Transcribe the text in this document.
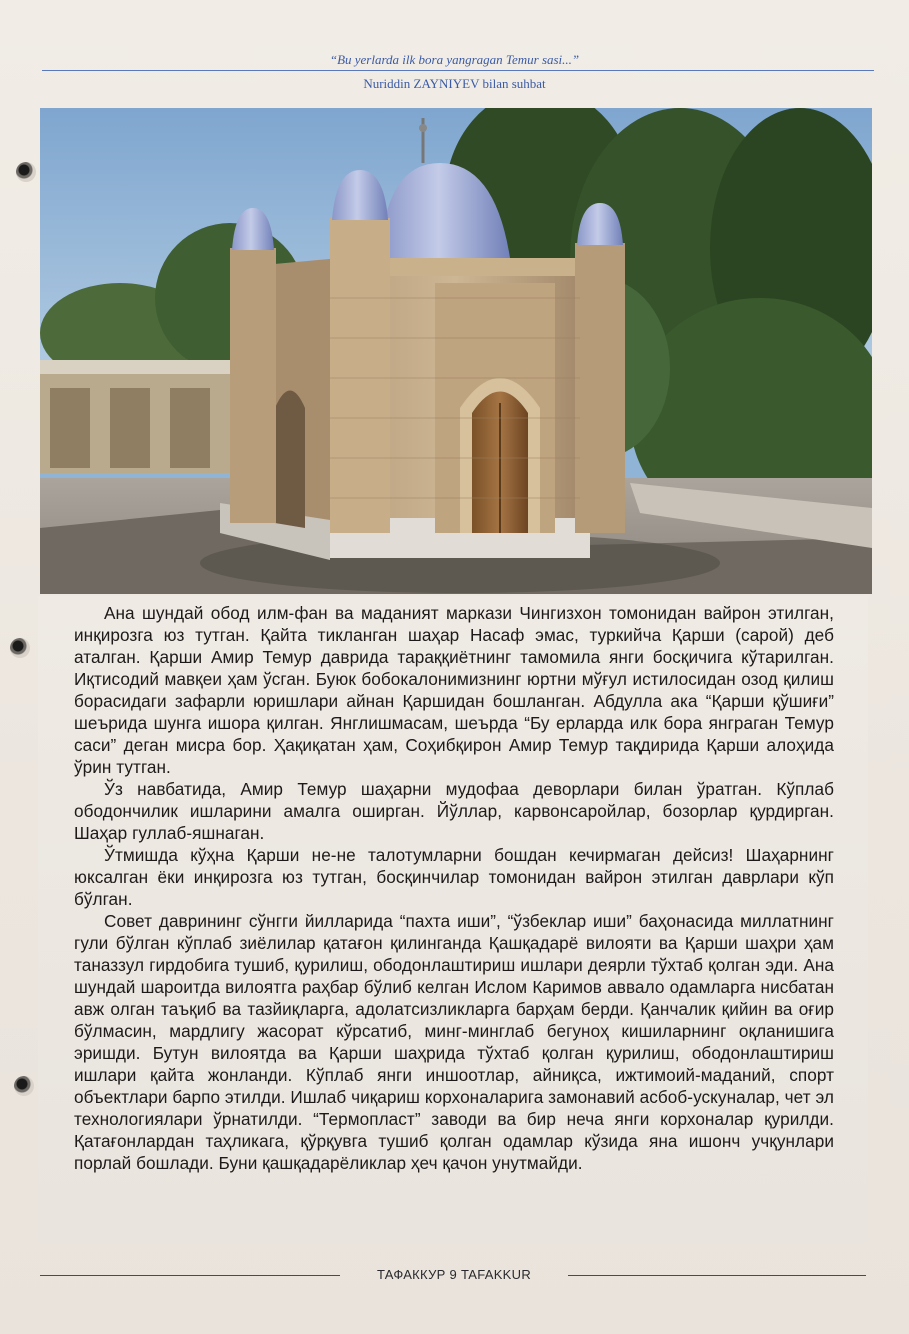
“Bu yerlarda ilk bora yangragan Temur sasi...”
Nuriddin ZAYNIYEV bilan suhbat

Ана шундай обод илм-фан ва маданият маркази Чингизхон томонидан вайрон этилган, инқирозга юз тутган. Қайта тикланган шаҳар Насаф эмас, туркийча Қарши (сарой) деб аталган. Қарши Амир Темур даврида тараққиётнинг тамомила янги босқичига кўтарилган. Иқтисодий мавқеи ҳам ўсган. Буюк бобокалонимизнинг юртни мўғул истилосидан озод қилиш борасидаги зафарли юришлари айнан Қаршидан бошланган. Абдулла ака “Қарши қўшиғи” шеърида шунга ишора қилган. Янглишмасам, шеърда “Бу ерларда илк бора янграган Темур саси” деган мисра бор. Ҳақиқатан ҳам, Соҳибқирон Амир Темур тақдирида Қарши алоҳида ўрин тутган.

Ўз навбатида, Амир Темур шаҳарни мудофаа деворлари билан ўратган. Кўплаб ободончилик ишларини амалга оширган. Йўллар, карвонсаройлар, бозорлар қурдирган. Шаҳар гуллаб-яшнаган.

Ўтмишда кўҳна Қарши не-не талотумларни бошдан кечирмаган дейсиз! Шаҳарнинг юксалган ёки инқирозга юз тутган, босқинчилар томонидан вайрон этилган даврлари кўп бўлган.

Совет даврининг сўнгги йилларида “пахта иши”, “ўзбеклар иши” баҳонасида миллатнинг гули бўлган кўплаб зиёлилар қатағон қилинганда Қашқадарё вилояти ва Қарши шаҳри ҳам таназзул гирдобига тушиб, қурилиш, ободонлаштириш ишлари деярли тўхтаб қолган эди. Ана шундай шароитда вилоятга раҳбар бўлиб келган Ислом Каримов аввало одамларга нисбатан авж олган таъқиб ва тазйиқларга, адолатсизликларга барҳам берди. Қанчалик қийин ва оғир бўлмасин, мардлигу жасорат кўрсатиб, минг-минглаб бегуноҳ кишиларнинг оқланишига эришди. Бутун вилоятда ва Қарши шаҳрида тўхтаб қолган қурилиш, ободонлаштириш ишлари қайта жонланди. Кўплаб янги иншоотлар, айниқса, ижтимоий-маданий, спорт объектлари барпо этилди. Ишлаб чиқариш корхоналарига замонавий асбоб-ускуналар, чет эл технологиялари ўрнатилди. “Термопласт” заводи ва бир неча янги корхоналар қурилди. Қатағонлардан таҳликага, қўрқувга тушиб қолган одамлар кўзида яна ишонч учқунлари порлай бошлади. Буни қашқадарёликлар ҳеч қачон унутмайди.

ТАФАККУР 9 TAFAKKUR
